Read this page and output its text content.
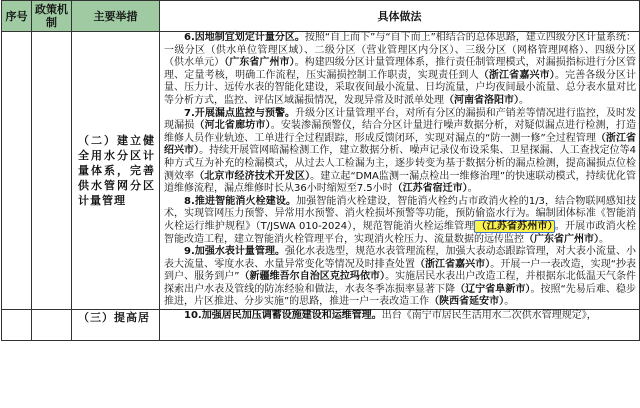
序号	政策机制	主要举措	具体做法
		（二）建立健全用水分区计量体系，完善供水管网分区计量管理	6.因地制宜划定计量分区。按照“自上而下”与“自下而上”相结合的总体思路，建立四级分区计量系统：一级分区（供水单位管理区域）、二级分区（营业管理区内分区）、三级分区（网格管理网格）、四级分区（供水单元）（广东省广州市）。构建四级分区计量管理体系，推行责任制管理模式，对漏损指标进行分区管理、定量考核，明确工作流程，压实漏损控制工作职责，实现责任到人（浙江省嘉兴市）。完善各级分区计量、压力计、远传水表的智能化建设，采取夜间最小流量、日均流量，户均夜间最小流量、总分表水量对比等分析方式，监控、评估区域漏损情况，发现异常及时派单处理（河南省洛阳市）。
7.开展漏点监控与预警。升级分区计量管理平台，对所有分区的漏损和产销差等情况进行监控，及时发现漏损（河北省廊坊市）。安装渗漏预警仪，结合分区计量进行噪声数据分析，对疑似漏点进行检测，打造维修人员作业轨迹、工单进行全过程跟踪，形成反馈闭环，实现对漏点的“防一测一修”全过程管理（浙江省绍兴市）。持续开展管网暗漏检测工作，建立数据分析、噪声记录仪布设采集、卫星探漏、人工查找定位等4种方式互为补充的检漏模式，从过去人工检漏为主，逐步转变为基于数据分析的漏点检测，提高漏损点位检测效率（北京市经济技术开发区）。建立起“DMA监测一漏点检出一维修治理”的快速联动模式，持续优化管道维修流程，漏点维修时长从36小时缩短至7.5小时（江苏省宿迁市）。
8.推进智能消火栓建设。加强智能消火栓建设，智能消火栓约占市政消火栓的1/3，结合物联网感知技术，实现管网压力预警、异常用水预警、消火栓损坏预警等功能，预防偷盗水行为。编制团体标准《智能消火栓运行维护规程》（T/JSWA 010-2024），规范智能消火栓运维管理 （江苏省苏州市） 。开展市政消火栓智能改造工程，建立智能消火栓管理平台，实现消火栓压力、流量数据的远传监控（广东省广州市）。
9.加强水表计量管理。强化水表选型，规范水表管理流程，加强大表动态跟踪管理，对大表小流量、小表大流量、零度水表、水量异常变化等情况及时排查处置（浙江省嘉兴市）。开展一户一表改造，实现“抄表到户、服务到户”（新疆维吾尔自治区克拉玛依市）。实施居民水表出户改造工程，并根据东北低温天气条件探索出户水表及管线的防冻经验和做法，水表冬季冻损率显著下降（辽宁省阜新市）。按照“先易后难、稳步推进，片区推进、分步实施”的思路，推进一户一表改造工作（陕西省延安市）。

		（三）提高居	10.加强居民加压调蓄设施建设和运维管理。出台《南宁市居民生活用水二次供水管理规定》，
